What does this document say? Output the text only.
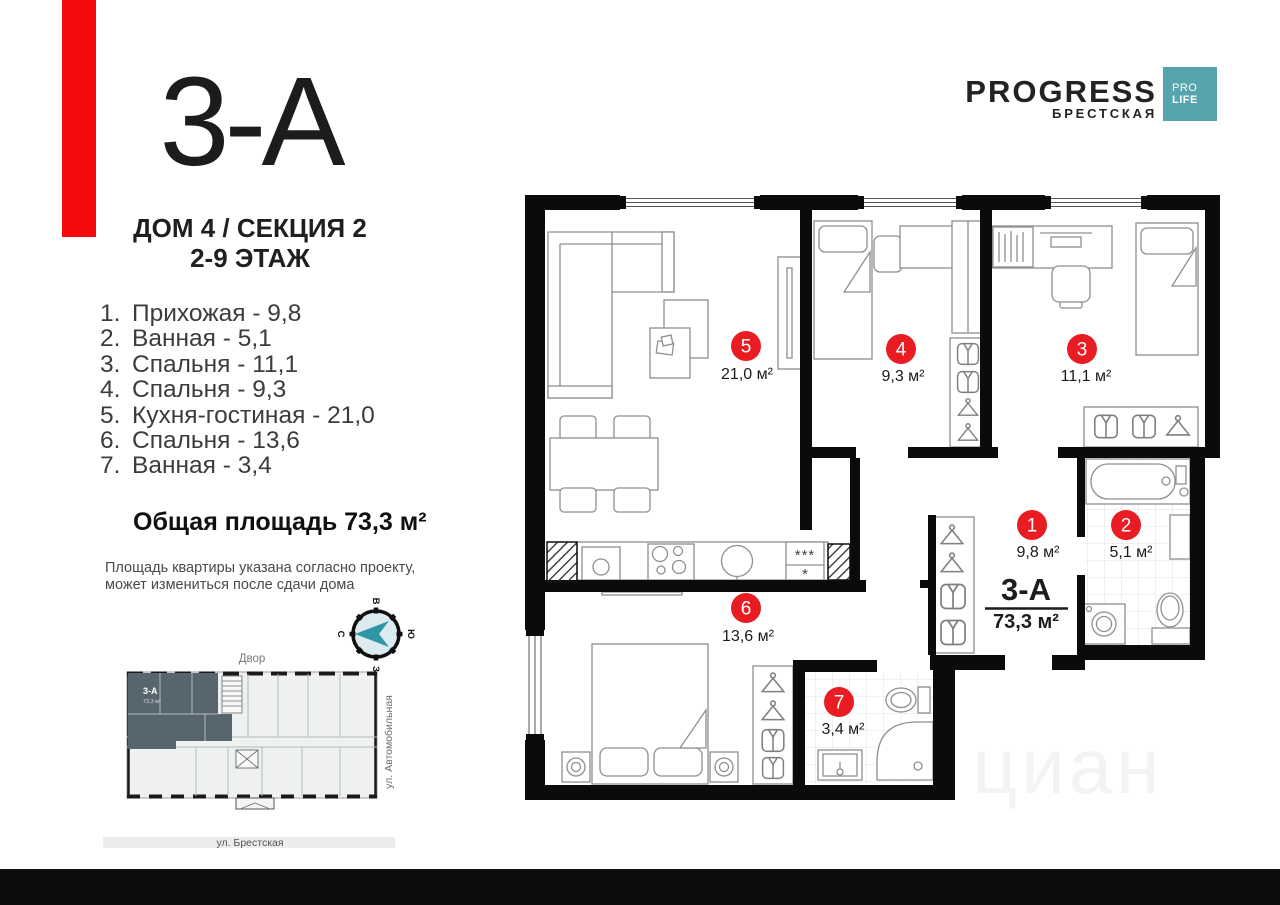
3-А
ДОМ 4 / СЕКЦИЯ 2
2-9 ЭТАЖ
1. Прихожая - 9,8
2. Ванная - 5,1
3. Спальня - 11,1
4. Спальня - 9,3
5. Кухня-гостиная - 21,0
6. Спальня - 13,6
7. Ванная - 3,4
Общая площадь 73,3 м²
Площадь квартиры указана согласно проекту,
может измениться после сдачи дома
PROGRESS
БРЕСТСКАЯ
PRO
LIFE
1
9,8 м²
2
5,1 м²
3
11,1 м²
4
9,3 м²
5
21,0 м²
6
13,6 м²
7
3,4 м²
***
*	3-А
73,3 м²
циан
В
Ю
З
С
Двор
3-А
73,3 м²	ул. Автомобильная
ул. Брестская
